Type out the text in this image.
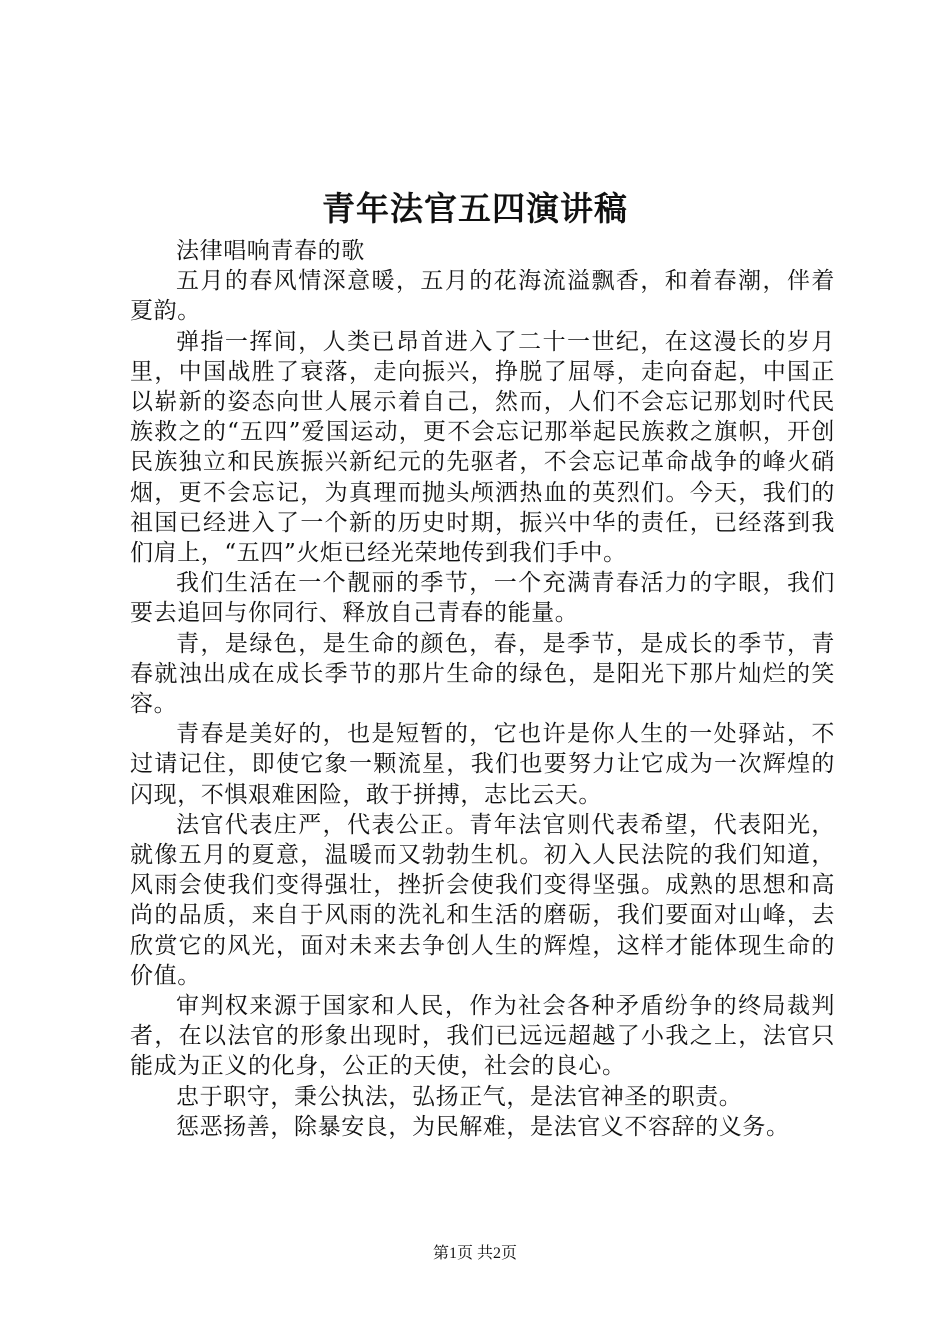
青年法官五四演讲稿

法律唱响青春的歌

五月的春风情深意暖，五月的花海流溢飘香，和着春潮，伴着夏韵。

弹指一挥间，人类已昂首进入了二十一世纪，在这漫长的岁月里，中国战胜了衰落，走向振兴，挣脱了屈辱，走向奋起，中国正以崭新的姿态向世人展示着自己，然而，人们不会忘记那划时代民族救之的“五四”爱国运动，更不会忘记那举起民族救之旗帜，开创民族独立和民族振兴新纪元的先驱者，不会忘记革命战争的峰火硝烟，更不会忘记，为真理而抛头颅洒热血的英烈们。今天，我们的祖国已经进入了一个新的历史时期，振兴中华的责任，已经落到我们肩上，“五四”火炬已经光荣地传到我们手中。

我们生活在一个靓丽的季节，一个充满青春活力的字眼，我们要去追回与你同行、释放自己青春的能量。

青，是绿色，是生命的颜色，春，是季节，是成长的季节，青春就浊出成在成长季节的那片生命的绿色，是阳光下那片灿烂的笑容。

青春是美好的，也是短暂的，它也许是你人生的一处驿站，不过请记住，即使它象一颗流星，我们也要努力让它成为一次辉煌的闪现，不惧艰难困险，敢于拼搏，志比云天。

法官代表庄严，代表公正。青年法官则代表希望，代表阳光，就像五月的夏意，温暖而又勃勃生机。初入人民法院的我们知道，风雨会使我们变得强壮，挫折会使我们变得坚强。成熟的思想和高尚的品质，来自于风雨的洗礼和生活的磨砺，我们要面对山峰，去欣赏它的风光，面对未来去争创人生的辉煌，这样才能体现生命的价值。

审判权来源于国家和人民，作为社会各种矛盾纷争的终局裁判者，在以法官的形象出现时，我们已远远超越了小我之上，法官只能成为正义的化身，公正的天使，社会的良心。

忠于职守，秉公执法，弘扬正气，是法官神圣的职责。

惩恶扬善，除暴安良，为民解难，是法官义不容辞的义务。

第1页 共2页
